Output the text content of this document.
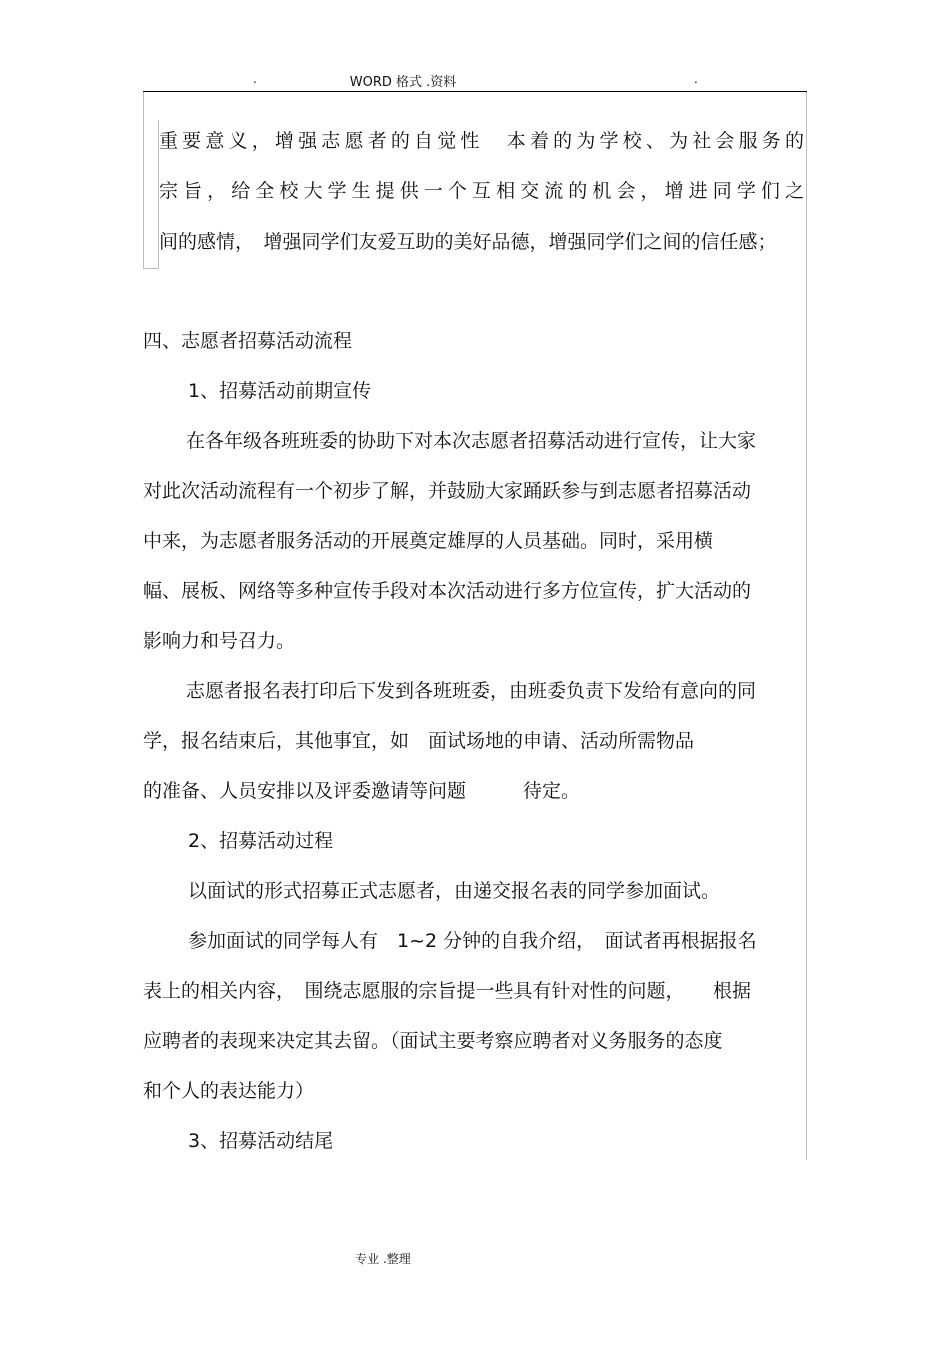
.	WORD 格式 .资料	.
重要意义，增强志愿者的自觉性　本着的为学校、为社会服务的
宗旨，给全校大学生提供一个互相交流的机会，增进同学们之
间的感情，　增强同学们友爱互助的美好品德，增强同学们之间的信任感；
四、志愿者招募活动流程
1、招募活动前期宣传
在各年级各班班委的协助下对本次志愿者招募活动进行宣传，让大家
对此次活动流程有一个初步了解，并鼓励大家踊跃参与到志愿者招募活动
中来，为志愿者服务活动的开展奠定雄厚的人员基础。同时，采用横
幅、展板、网络等多种宣传手段对本次活动进行多方位宣传，扩大活动的
影响力和号召力。
志愿者报名表打印后下发到各班班委，由班委负责下发给有意向的同
学，报名结束后，其他事宜，如　面试场地的申请、活动所需物品
的准备、人员安排以及评委邀请等问题　　　待定。
2、招募活动过程
以面试的形式招募正式志愿者，由递交报名表的同学参加面试。
参加面试的同学每人有　1~2 分钟的自我介绍，　面试者再根据报名
表上的相关内容，　围绕志愿服的宗旨提一些具有针对性的问题，　　根据
应聘者的表现来决定其去留。（面试主要考察应聘者对义务服务的态度
和个人的表达能力）
3、招募活动结尾
专业 .整理
